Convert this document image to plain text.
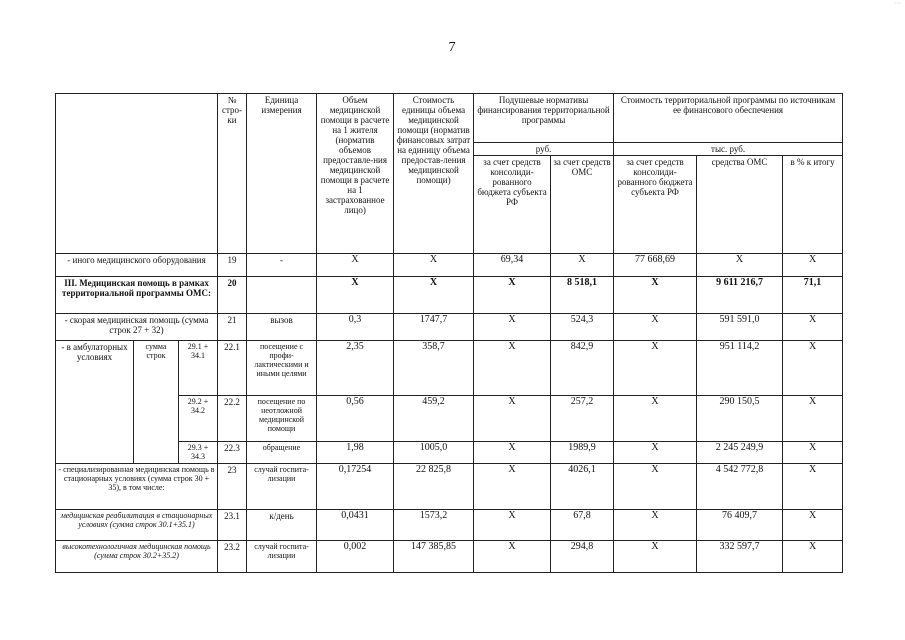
7
···
			№ стро-ки	Единица измерения	Объем медицинской помощи в расчете на 1 жителя (норматив объемов предоставле-ния медицинской помощи в расчете на 1 застрахованное лицо)	Стоимость единицы объема медицинской помощи (норматив финансовых затрат на единицу объема предостав-ления медицинской помощи)	Подушевые нормативы финансирования территориальной программы		Стоимость территориальной программы по источникам ее финансового обеспечения		
							руб.		тыс. руб.		
							за счет средств консолиди-рованного бюджета субъекта РФ	за счет средств ОМС	за счет средств консолиди-рованного бюджета субъекта РФ	средства ОМС	в % к итогу
- иного медицинского оборудования			19	-	X	X	69,34	X	77 668,69	X	X
III. Медицинская помощь в рамках территориальной программы ОМС:			20		X	X	X	8 518,1	X	9 611 216,7	71,1
- скорая медицинская помощь (сумма строк 27 + 32)			21	вызов	0,3	1747,7	X	524,3	X	591 591,0	X
- в амбулаторных условиях	сумма строк	29.1 + 34.1	22.1	посещение с профи-лактическими и иными целями	2,35	358,7	X	842,9	X	951 114,2	X
		29.2 + 34.2	22.2	посещение по неотложной медицинской помощи	0,56	459,2	X	257,2	X	290 150,5	X
		29.3 + 34.3	22.3	обращение	1,98	1005,0	X	1989,9	X	2 245 249,9	X
- специализированная медицинская помощь в стационарных условиях (сумма строк 30 + 35), в том числе:			23	случай госпита-лизации	0,17254	22 825,8	X	4026,1	X	4 542 772,8	X
медицинская реабилитация в стационарных условиях (сумма строк 30.1+35.1)			23.1	к/день	0,0431	1573,2	X	67,8	X	76 409,7	X
высокотехнологичная медицинская помощь (сумма строк 30.2+35.2)			23.2	случай госпита-лизации	0,002	147 385,85	X	294,8	X	332 597,7	X
